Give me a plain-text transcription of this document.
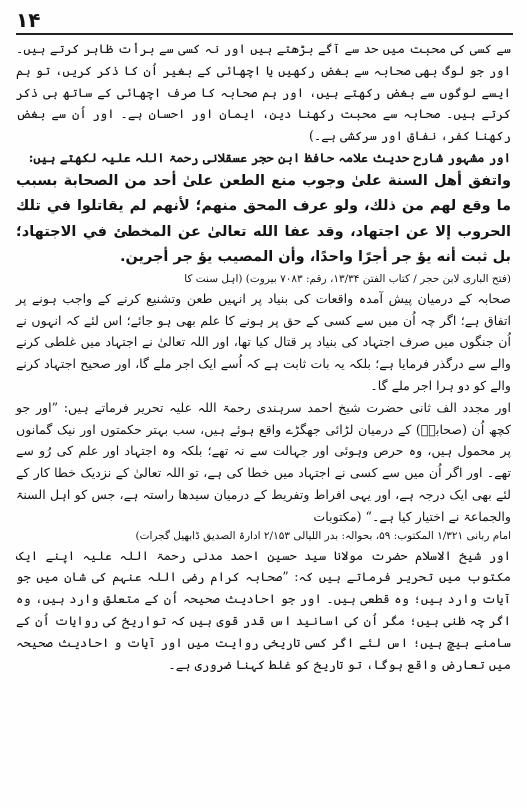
۱۴

سے کسی کی محبت میں حد سے آگے بڑھتے ہیں اور نہ کسی سے برأت ظاہر کرتے ہیں۔ اور جو لوگ بھی صحابہ سے بغض رکھیں یا اچھائی کے بغیر اُن کا ذکر کریں، تو ہم ایسے لوگوں سے بغض رکھتے ہیں، اور ہم صحابہ کا صرف اچھائی کے ساتھ ہی ذکر کرتے ہیں۔ صحابہ سے محبت رکھنا دین، ایمان اور احسان ہے۔ اور اُن سے بغض رکھنا کفر، نفاق اور سرکشی ہے۔)

اور مشہور شارح حدیث علامہ حافظ ابن حجر عسقلانی رحمۃ اللہ علیہ لکھتے ہیں:

واتفق أهل السنة علىٰ وجوب منع الطعن علىٰ أحد من الصحابة بسبب ما وقع لهم من ذلك، ولو عرف المحق منهم؛ لأنهم لم يقاتلوا في تلك الحروب إلا عن اجتهاد، وقد عفا الله تعالىٰ عن المخطئ في الاجتهاد؛ بل ثبت أنه يؤ جر أجرًا واحدًا، وأن المصيب يؤ جر أجرين.

(فتح الباری لابن حجر / کتاب الفتن ۱۳/۳۴، رقم: ۷۰۸۳ بیروت) (اہل سنت کا

صحابہ کے درمیان پیش آمدہ واقعات کی بنیاد پر انہیں طعن وتشنیع کرنے کے واجب ہونے پر اتفاق ہے؛ اگر چہ اُن میں سے کسی کے حق پر ہونے کا علم بھی ہو جائے؛ اس لئے کہ انہوں نے اُن جنگوں میں صرف اجتہاد کی بنیاد پر قتال کیا تھا، اور اللہ تعالیٰ نے اجتہاد میں غلطی کرنے والے سے درگذر فرمایا ہے؛ بلکہ یہ بات ثابت ہے کہ اُسے ایک اجر ملے گا، اور صحیح اجتہاد کرنے والے کو دو ہرا اجر ملے گا۔

اور مجدد الف ثانی حضرت شیخ احمد سرہندی رحمۃ اللہ علیہ تحریر فرماتے ہیں: ”اور جو کچھ اُن (صحابہؓ) کے درمیان لڑائی جھگڑے واقع ہوئے ہیں، سب بہتر حکمتوں اور نیک گمانوں پر محمول ہیں، وہ حرص وہوئی اور جہالت سے نہ تھے؛ بلکہ وہ اجتہاد اور علم کی رُو سے تھے۔ اور اگر اُن میں سے کسی نے اجتہاد میں خطا کی ہے، تو اللہ تعالیٰ کے نزدیک خطا کار کے لئے بھی ایک درجہ ہے، اور یہی افراط وتفریط کے درمیان سیدھا راستہ ہے، جس کو اہل السنۃ والجماعۃ نے اختیار کیا ہے۔“ (مکتوبات

امام ربانی ۱/۳۲۱ المکتوب: ۵۹، بحوالہ: بدر اللیالی ۲/۱۵۳ ادارۃ الصدیق ڈابھیل گجرات)

اور شیخ الاسلام حضرت مولانا سید حسین احمد مدنی رحمۃ اللہ علیہ اپنے ایک مکتوب میں تحریر فرماتے ہیں کہ: ”صحابہ کرام رضی اللہ عنہم کی شان میں جو آیات وارد ہیں؛ وہ قطعی ہیں۔ اور جو احادیث صحیحہ اُن کے متعلق وارد ہیں، وہ اگر چہ ظنی ہیں؛ مگر اُن کی اسانید اس قدر قوی ہیں کہ تواریخ کی روایات اُن کے سامنے ہیچ ہیں؛ اس لئے اگر کسی تاریخی روایت میں اور آیات و احادیث صحیحہ میں تعارض واقع ہوگا، تو تاریخ کو غلط کہنا ضروری ہے۔
